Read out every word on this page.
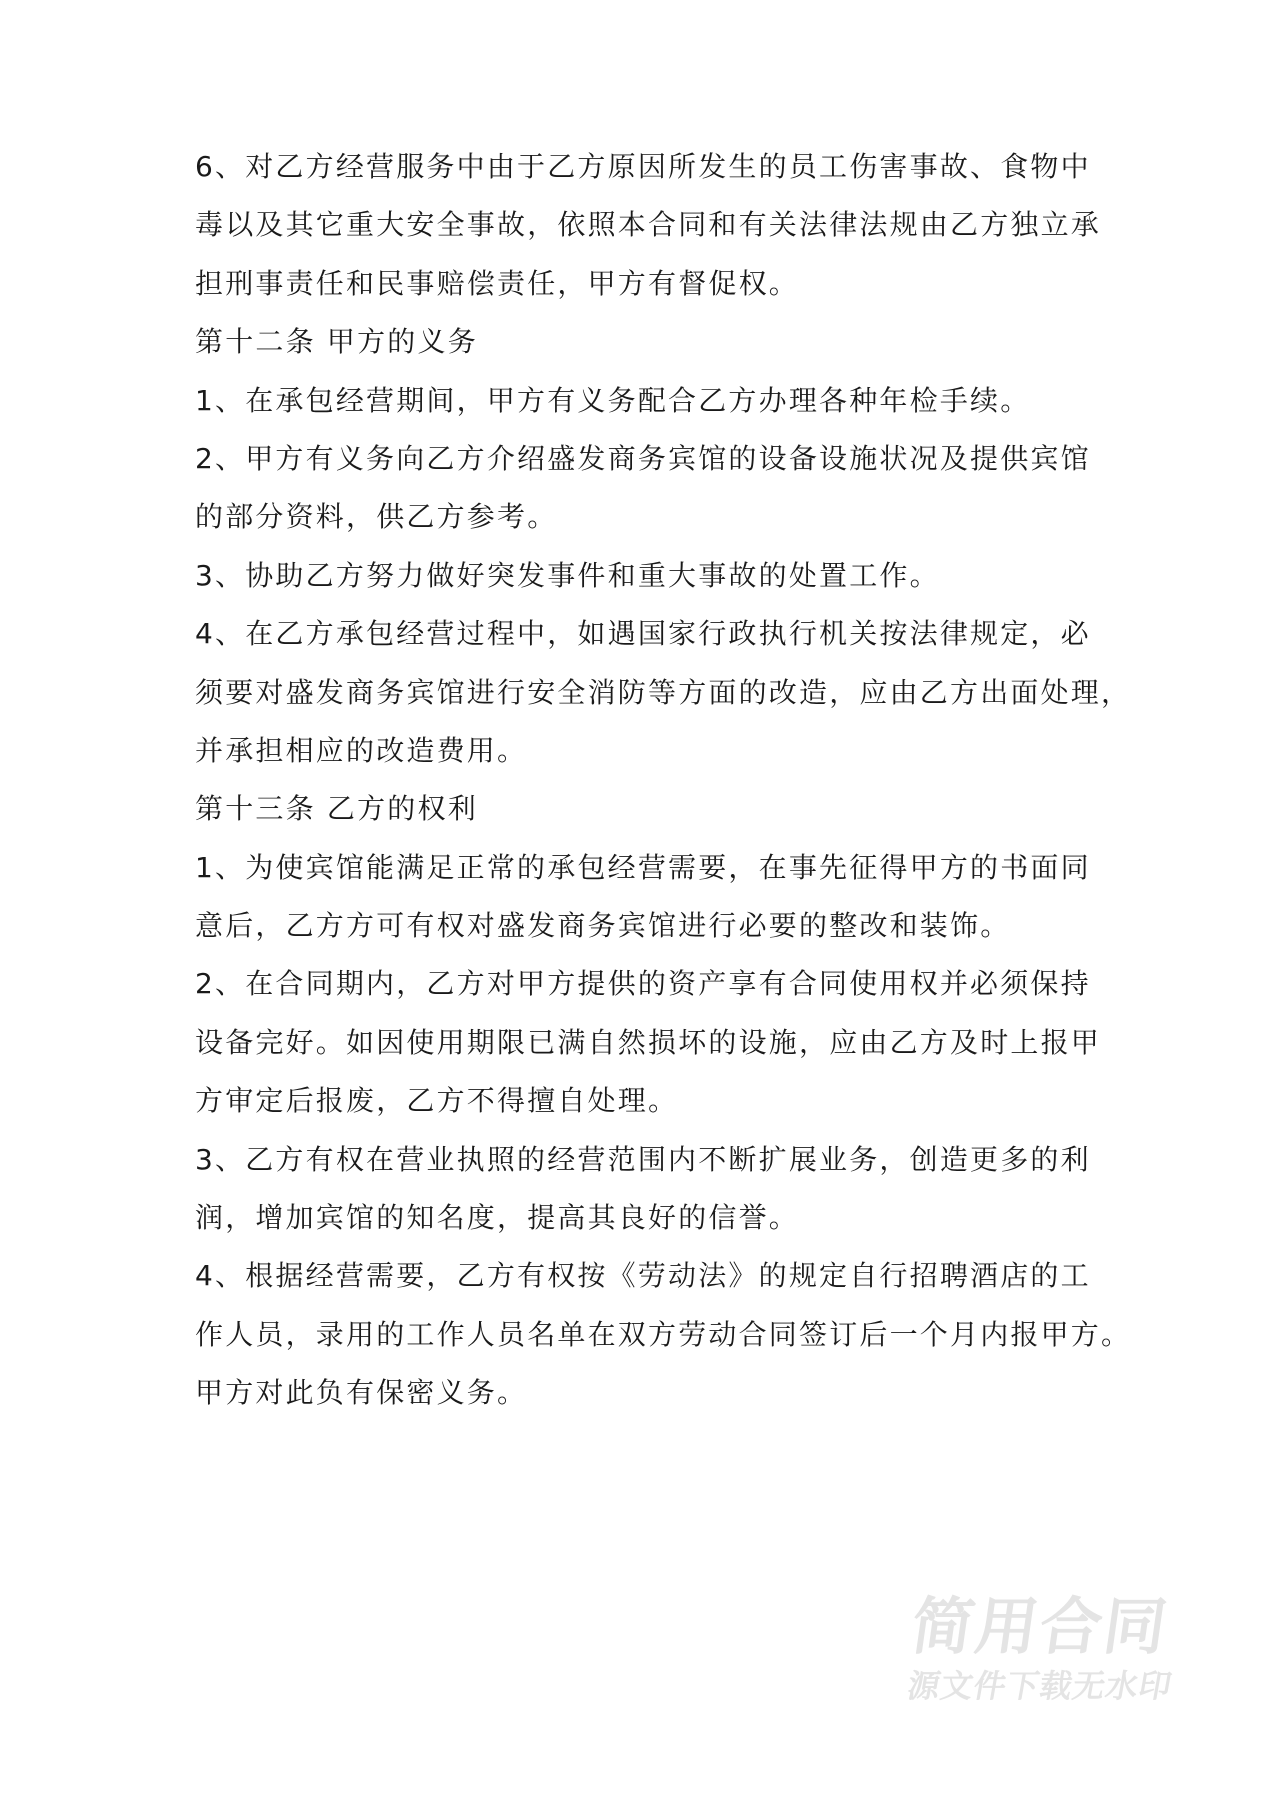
6、对乙方经营服务中由于乙方原因所发生的员工伤害事故、食物中

毒以及其它重大安全事故，依照本合同和有关法律法规由乙方独立承

担刑事责任和民事赔偿责任，甲方有督促权。

第十二条 甲方的义务

1、在承包经营期间，甲方有义务配合乙方办理各种年检手续。

2、甲方有义务向乙方介绍盛发商务宾馆的设备设施状况及提供宾馆

的部分资料，供乙方参考。

3、协助乙方努力做好突发事件和重大事故的处置工作。

4、在乙方承包经营过程中，如遇国家行政执行机关按法律规定，必

须要对盛发商务宾馆进行安全消防等方面的改造，应由乙方出面处理，

并承担相应的改造费用。

第十三条 乙方的权利

1、为使宾馆能满足正常的承包经营需要，在事先征得甲方的书面同

意后，乙方方可有权对盛发商务宾馆进行必要的整改和装饰。

2、在合同期内，乙方对甲方提供的资产享有合同使用权并必须保持

设备完好。如因使用期限已满自然损坏的设施，应由乙方及时上报甲

方审定后报废，乙方不得擅自处理。

3、乙方有权在营业执照的经营范围内不断扩展业务，创造更多的利

润，增加宾馆的知名度，提高其良好的信誉。

4、根据经营需要，乙方有权按《劳动法》的规定自行招聘酒店的工

作人员，录用的工作人员名单在双方劳动合同签订后一个月内报甲方。

甲方对此负有保密义务。

简用合同
源文件下载无水印
